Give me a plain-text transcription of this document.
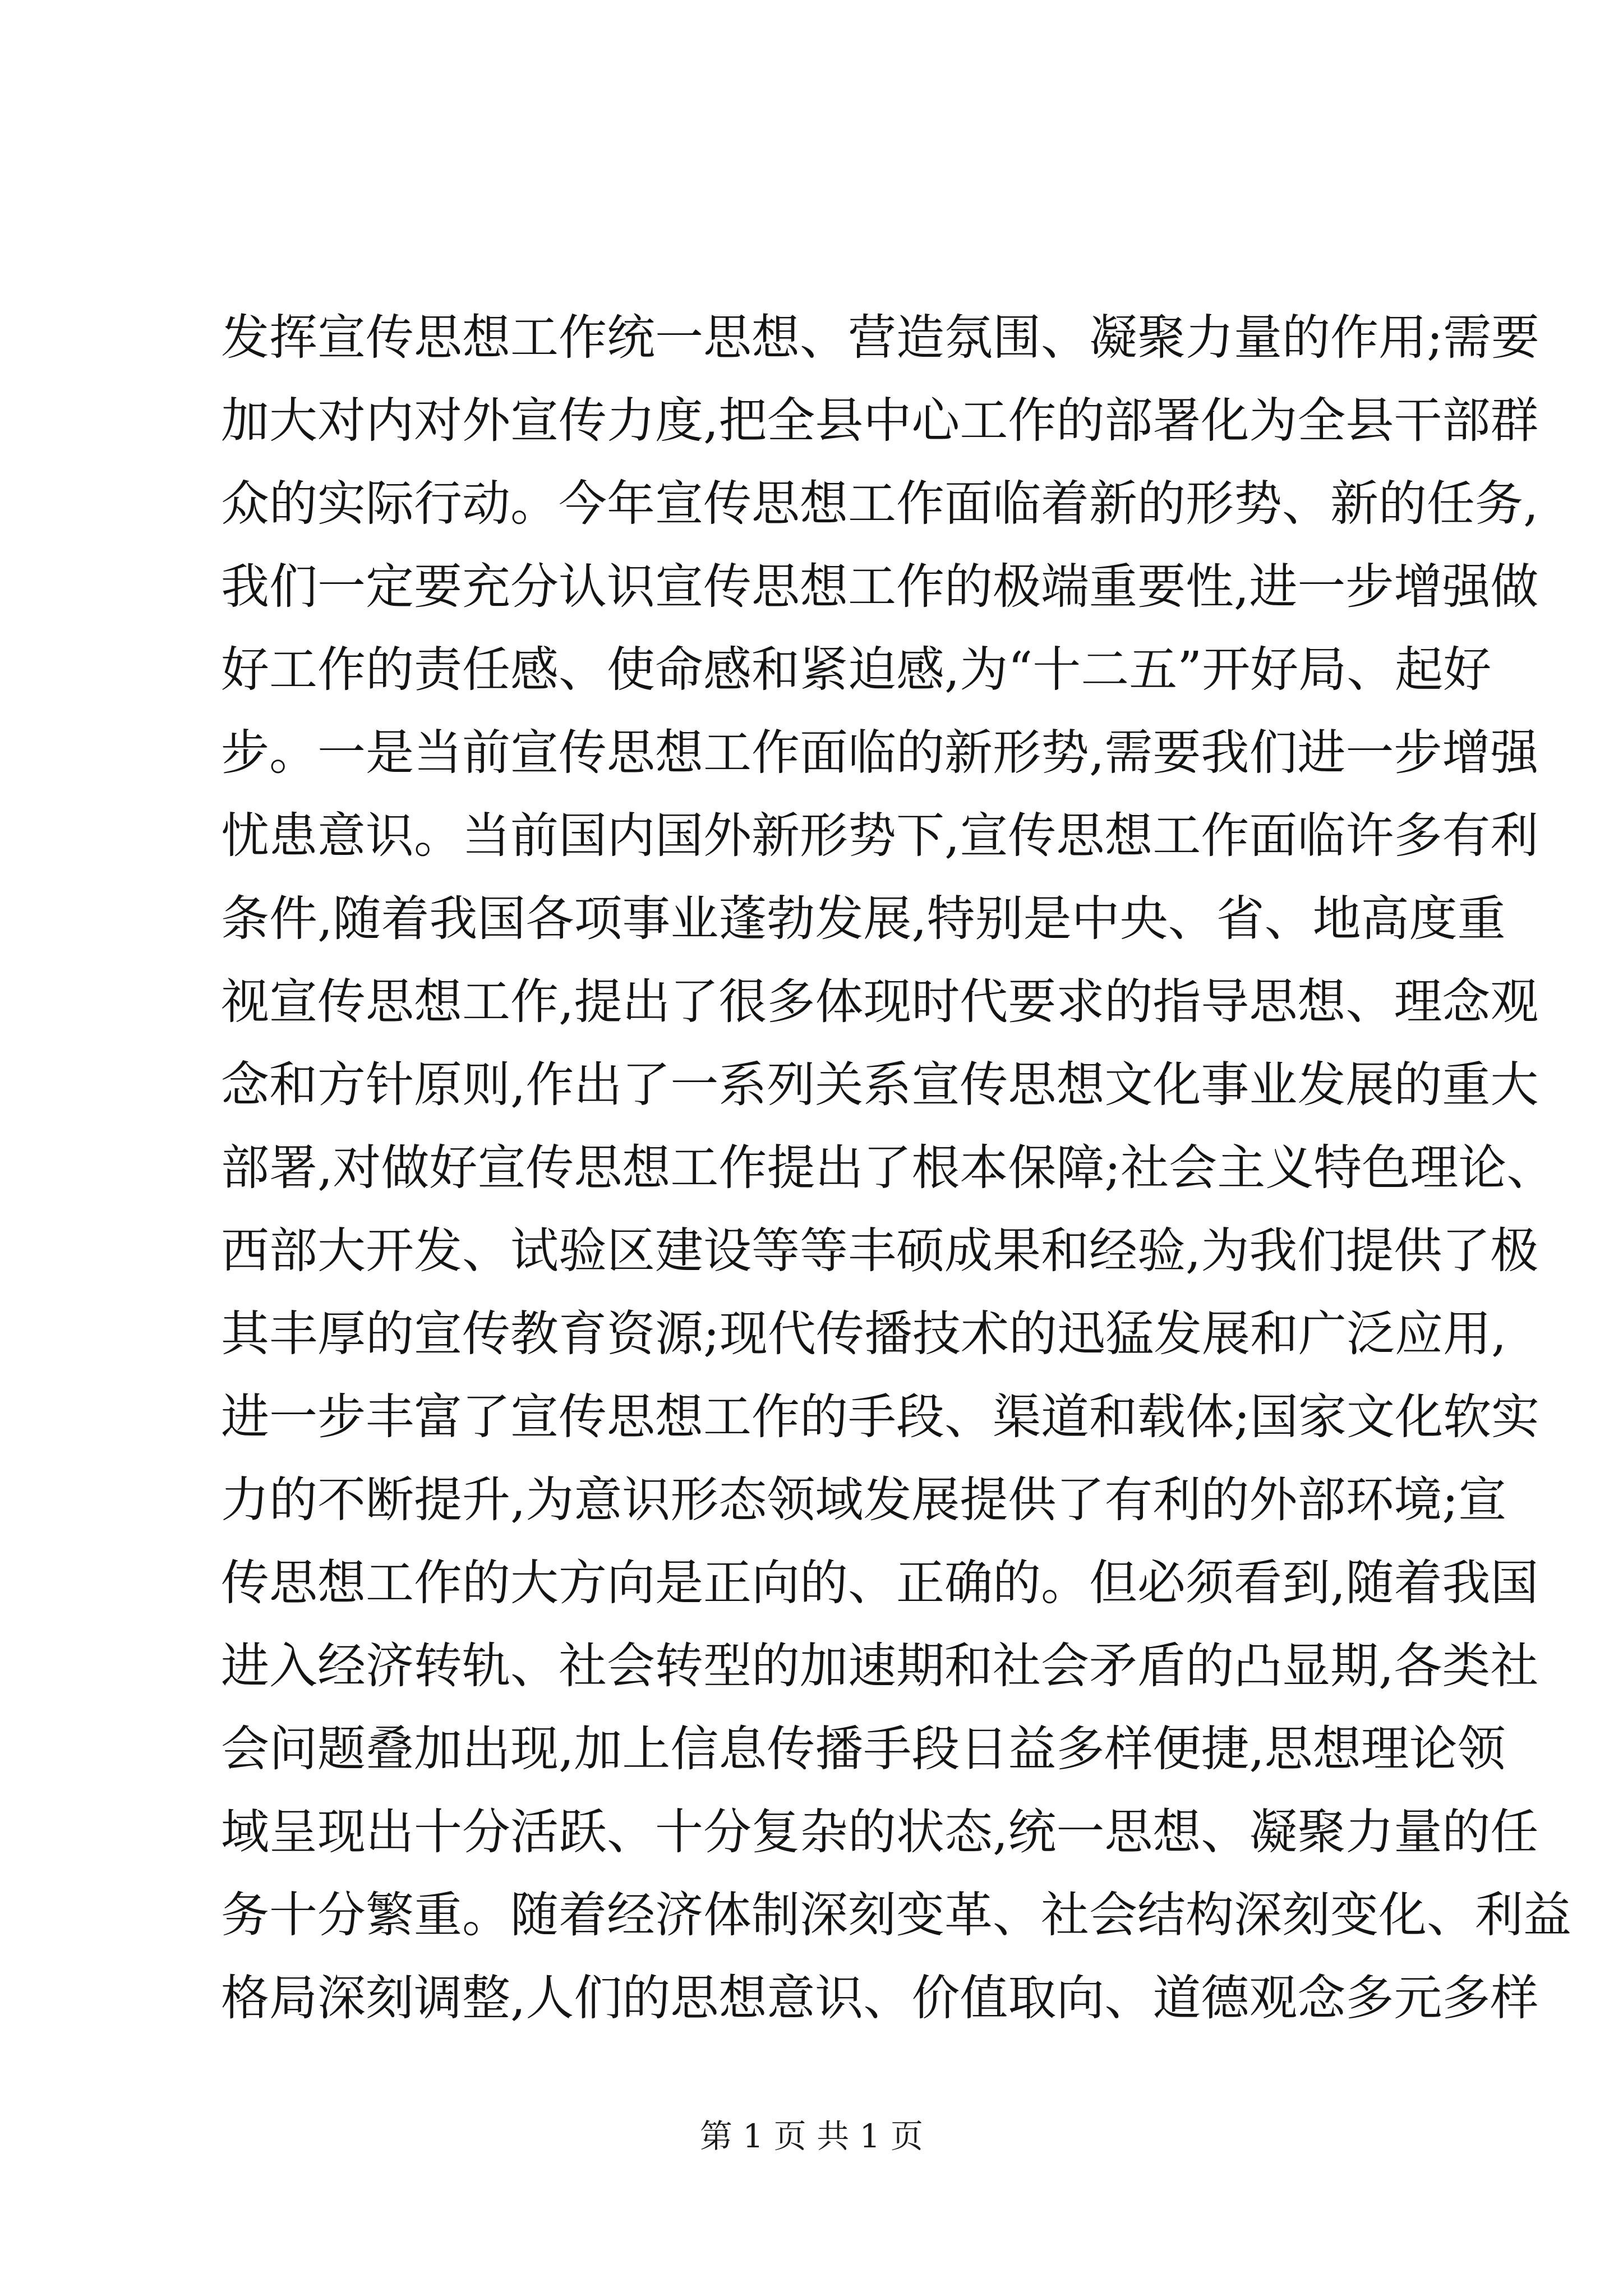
发挥宣传思想工作统一思想、营造氛围、凝聚力量的作用;需要
加大对内对外宣传力度,把全县中心工作的部署化为全县干部群
众的实际行动。今年宣传思想工作面临着新的形势、新的任务,
我们一定要充分认识宣传思想工作的极端重要性,进一步增强做
好工作的责任感、使命感和紧迫感,为“十二五”开好局、起好
步。一是当前宣传思想工作面临的新形势,需要我们进一步增强
忧患意识。当前国内国外新形势下,宣传思想工作面临许多有利
条件,随着我国各项事业蓬勃发展,特别是中央、省、地高度重
视宣传思想工作,提出了很多体现时代要求的指导思想、理念观
念和方针原则,作出了一系列关系宣传思想文化事业发展的重大
部署,对做好宣传思想工作提出了根本保障;社会主义特色理论、
西部大开发、试验区建设等等丰硕成果和经验,为我们提供了极
其丰厚的宣传教育资源;现代传播技术的迅猛发展和广泛应用,
进一步丰富了宣传思想工作的手段、渠道和载体;国家文化软实
力的不断提升,为意识形态领域发展提供了有利的外部环境;宣
传思想工作的大方向是正向的、正确的。但必须看到,随着我国
进入经济转轨、社会转型的加速期和社会矛盾的凸显期,各类社
会问题叠加出现,加上信息传播手段日益多样便捷,思想理论领
域呈现出十分活跃、十分复杂的状态,统一思想、凝聚力量的任
务十分繁重。随着经济体制深刻变革、社会结构深刻变化、利益
格局深刻调整,人们的思想意识、价值取向、道德观念多元多样
第 1 页 共 1 页
